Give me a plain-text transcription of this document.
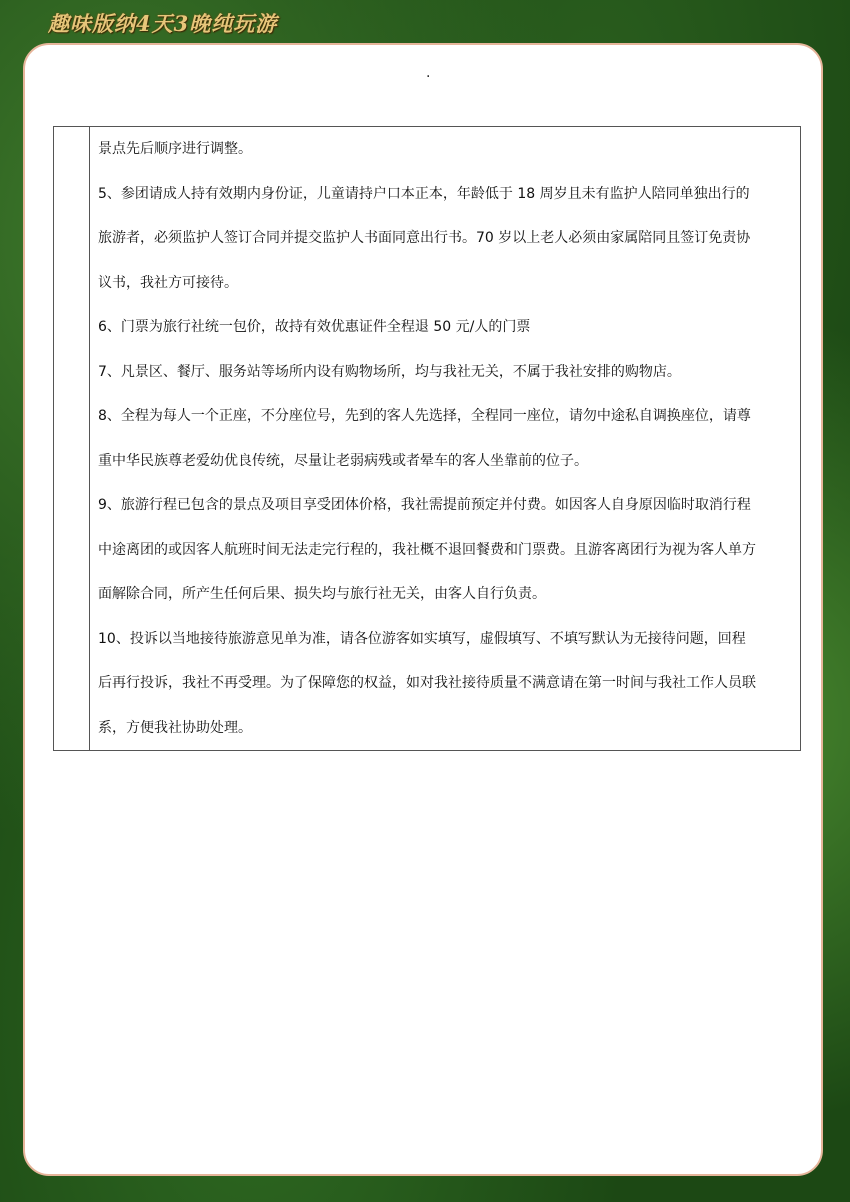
趣味版纳4天3晚纯玩游
.

景点先后顺序进行调整。

5、参团请成人持有效期内身份证，儿童请持户口本正本，年龄低于 18 周岁且未有监护人陪同单独出行的

旅游者，必须监护人签订合同并提交监护人书面同意出行书。70 岁以上老人必须由家属陪同且签订免责协

议书，我社方可接待。

6、门票为旅行社统一包价，故持有效优惠证件全程退 50 元/人的门票

7、凡景区、餐厅、服务站等场所内设有购物场所，均与我社无关，不属于我社安排的购物店。

8、全程为每人一个正座，不分座位号，先到的客人先选择，全程同一座位，请勿中途私自调换座位，请尊

重中华民族尊老爱幼优良传统，尽量让老弱病残或者晕车的客人坐靠前的位子。

9、旅游行程已包含的景点及项目享受团体价格，我社需提前预定并付费。如因客人自身原因临时取消行程

中途离团的或因客人航班时间无法走完行程的，我社概不退回餐费和门票费。且游客离团行为视为客人单方

面解除合同，所产生任何后果、损失均与旅行社无关，由客人自行负责。

10、投诉以当地接待旅游意见单为准，请各位游客如实填写，虚假填写、不填写默认为无接待问题，回程

后再行投诉，我社不再受理。为了保障您的权益，如对我社接待质量不满意请在第一时间与我社工作人员联

系，方便我社协助处理。
